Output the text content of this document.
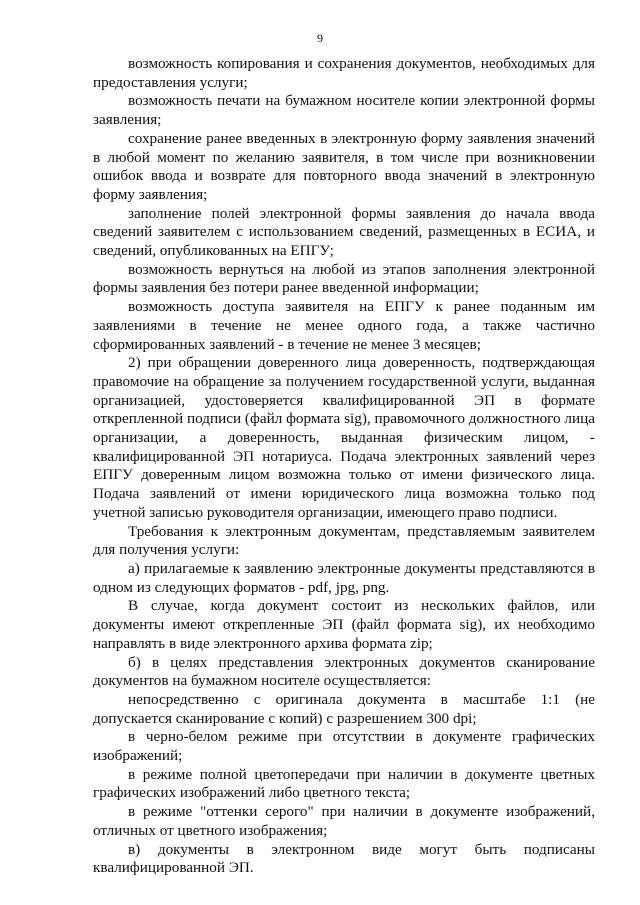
9

возможность копирования и сохранения документов, необходимых для предоставления услуги;

возможность печати на бумажном носителе копии электронной формы заявления;

сохранение ранее введенных в электронную форму заявления значений в любой момент по желанию заявителя, в том числе при возникновении ошибок ввода и возврате для повторного ввода значений в электронную форму заявления;

заполнение полей электронной формы заявления до начала ввода сведений заявителем с использованием сведений, размещенных в ЕСИА, и сведений, опубликованных на ЕПГУ;

возможность вернуться на любой из этапов заполнения электронной формы заявления без потери ранее введенной информации;

возможность доступа заявителя на ЕПГУ к ранее поданным им заявлениями в течение не менее одного года, а также частично сформированных заявлений - в течение не менее 3 месяцев;

2) при обращении доверенного лица доверенность, подтверждающая правомочие на обращение за получением государственной услуги, выданная организацией, удостоверяется квалифицированной ЭП в формате открепленной подписи (файл формата sig), правомочного должностного лица организации, а доверенность, выданная физическим лицом, - квалифицированной ЭП нотариуса. Подача электронных заявлений через ЕПГУ доверенным лицом возможна только от имени физического лица. Подача заявлений от имени юридического лица возможна только под учетной записью руководителя организации, имеющего право подписи.

Требования к электронным документам, представляемым заявителем для получения услуги:

а) прилагаемые к заявлению электронные документы представляются в одном из следующих форматов - pdf, jpg, png.

В случае, когда документ состоит из нескольких файлов, или документы имеют открепленные ЭП (файл формата sig), их необходимо направлять в виде электронного архива формата zip;

б) в целях представления электронных документов сканирование документов на бумажном носителе осуществляется:

непосредственно с оригинала документа в масштабе 1:1 (не допускается сканирование с копий) с разрешением 300 dpi;

в черно-белом режиме при отсутствии в документе графических изображений;

в режиме полной цветопередачи при наличии в документе цветных графических изображений либо цветного текста;

в режиме "оттенки серого" при наличии в документе изображений, отличных от цветного изображения;

в) документы в электронном виде могут быть подписаны квалифицированной ЭП.
